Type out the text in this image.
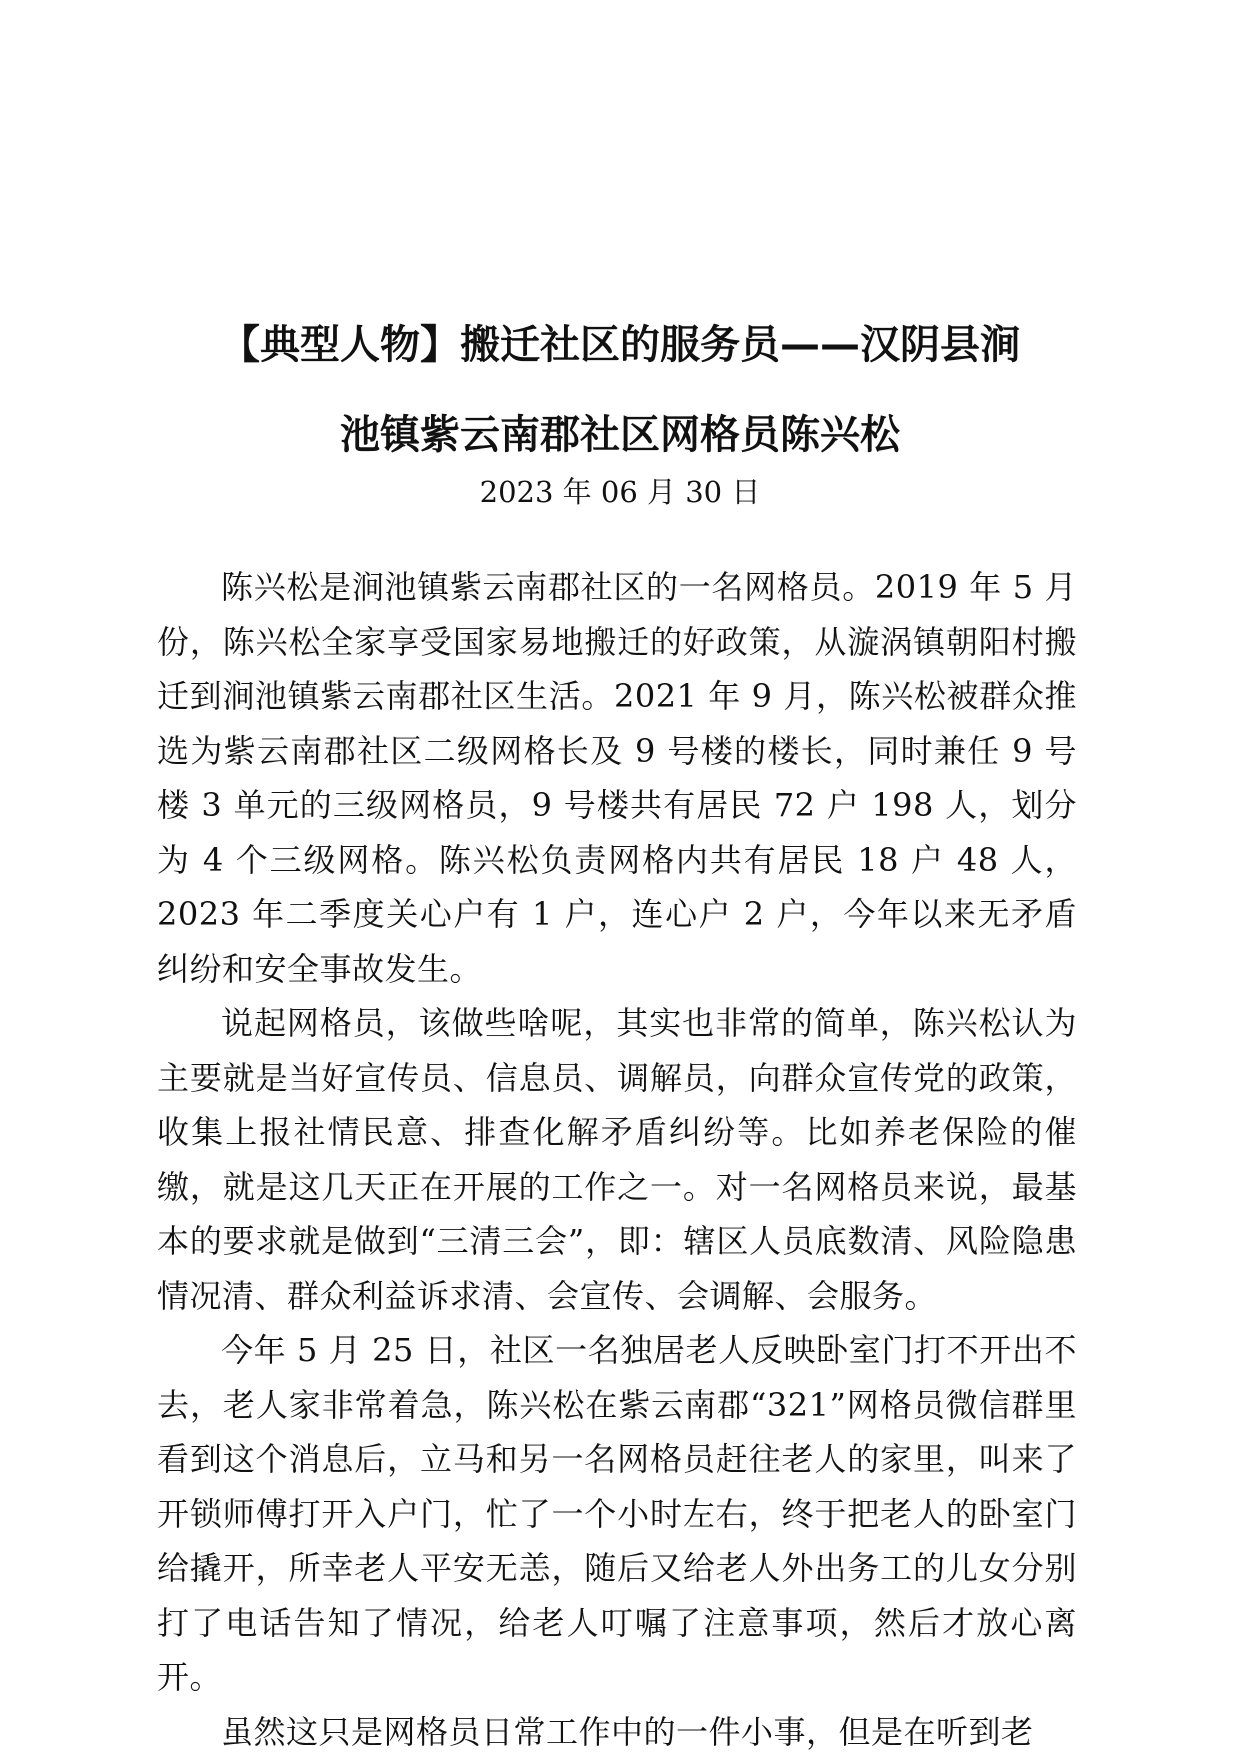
【典型人物】搬迁社区的服务员——汉阴县涧
池镇紫云南郡社区网格员陈兴松
2023 年 06 月 30 日

陈兴松是涧池镇紫云南郡社区的一名网格员。2019 年 5 月份，陈兴松全家享受国家易地搬迁的好政策，从漩涡镇朝阳村搬迁到涧池镇紫云南郡社区生活。2021 年 9 月，陈兴松被群众推选为紫云南郡社区二级网格长及 9 号楼的楼长，同时兼任 9 号楼 3 单元的三级网格员，9 号楼共有居民 72 户 198 人，划分为 4 个三级网格。陈兴松负责网格内共有居民 18 户 48 人，2023 年二季度关心户有 1 户，连心户 2 户，今年以来无矛盾纠纷和安全事故发生。

说起网格员，该做些啥呢，其实也非常的简单，陈兴松认为主要就是当好宣传员、信息员、调解员，向群众宣传党的政策，收集上报社情民意、排查化解矛盾纠纷等。比如养老保险的催缴，就是这几天正在开展的工作之一。对一名网格员来说，最基本的要求就是做到“三清三会”，即：辖区人员底数清、风险隐患情况清、群众利益诉求清、会宣传、会调解、会服务。

今年 5 月 25 日，社区一名独居老人反映卧室门打不开出不去，老人家非常着急，陈兴松在紫云南郡“321”网格员微信群里看到这个消息后，立马和另一名网格员赶往老人的家里，叫来了开锁师傅打开入户门，忙了一个小时左右，终于把老人的卧室门给撬开，所幸老人平安无恙，随后又给老人外出务工的儿女分别打了电话告知了情况，给老人叮嘱了注意事项，然后才放心离开。

虽然这只是网格员日常工作中的一件小事，但是在听到老
